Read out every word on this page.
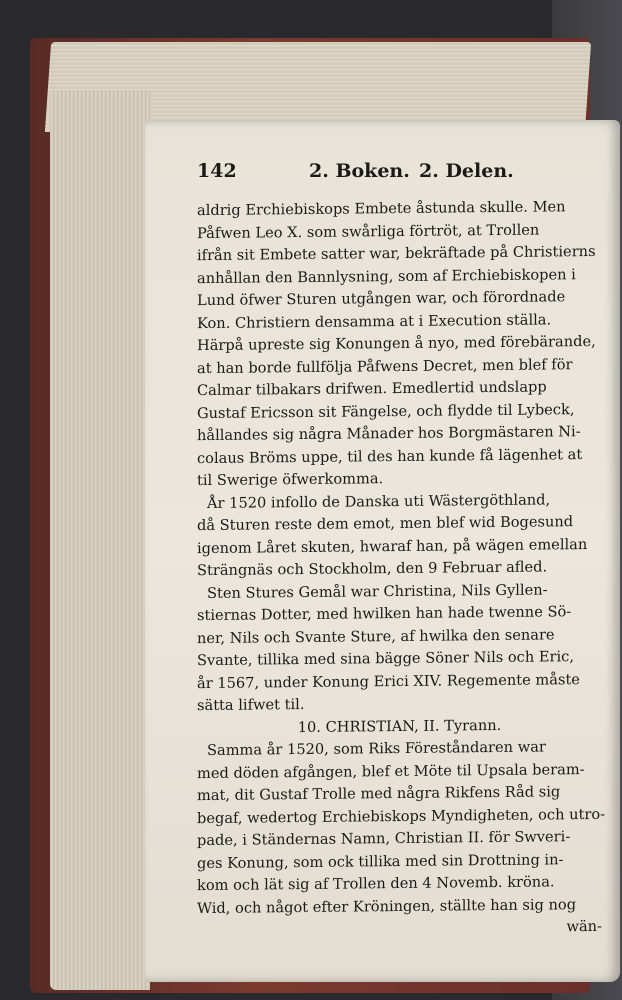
142	2. Boken. 2. Delen.
aldrig Erchiebiskops Embete åstunda skulle. Men
Påfwen Leo X. som swårliga förtröt, at Trollen
ifrån sit Embete satter war, bekräftade på Christierns
anhållan den Bannlysning, som af Erchiebiskopen i
Lund öfwer Sturen utgången war, och förordnade
Kon. Christiern densamma at i Execution ställa.
Härpå upreste sig Konungen å nyo, med förebärande,
at han borde fullfölja Påfwens Decret, men blef för
Calmar tilbakars drifwen. Emedlertid undslapp
Gustaf Ericsson sit Fängelse, och flydde til Lybeck,
hållandes sig några Månader hos Borgmästaren Ni-
colaus Bröms uppe, til des han kunde få lägenhet at
til Swerige öfwerkomma.
År 1520 infollo de Danska uti Wästergöthland,
då Sturen reste dem emot, men blef wid Bogesund
igenom Låret skuten, hwaraf han, på wägen emellan
Strängnäs och Stockholm, den 9 Februar afled.
Sten Stures Gemål war Christina, Nils Gyllen-
stiernas Dotter, med hwilken han hade twenne Sö-
ner, Nils och Svante Sture, af hwilka den senare
Svante, tillika med sina bägge Söner Nils och Eric,
år 1567, under Konung Erici XIV. Regemente måste
sätta lifwet til.
10. CHRISTIAN, II. Tyrann.
Samma år 1520, som Riks Föreståndaren war
med döden afgången, blef et Möte til Upsala beram-
mat, dit Gustaf Trolle med några Rikfens Råd sig
begaf, wedertog Erchiebiskops Myndigheten, och utro-
pade, i Ständernas Namn, Christian II. för Swveri-
ges Konung, som ock tillika med sin Drottning in-
kom och lät sig af Trollen den 4 Novemb. kröna.
Wid, och något efter Kröningen, ställte han sig nog
wän-
